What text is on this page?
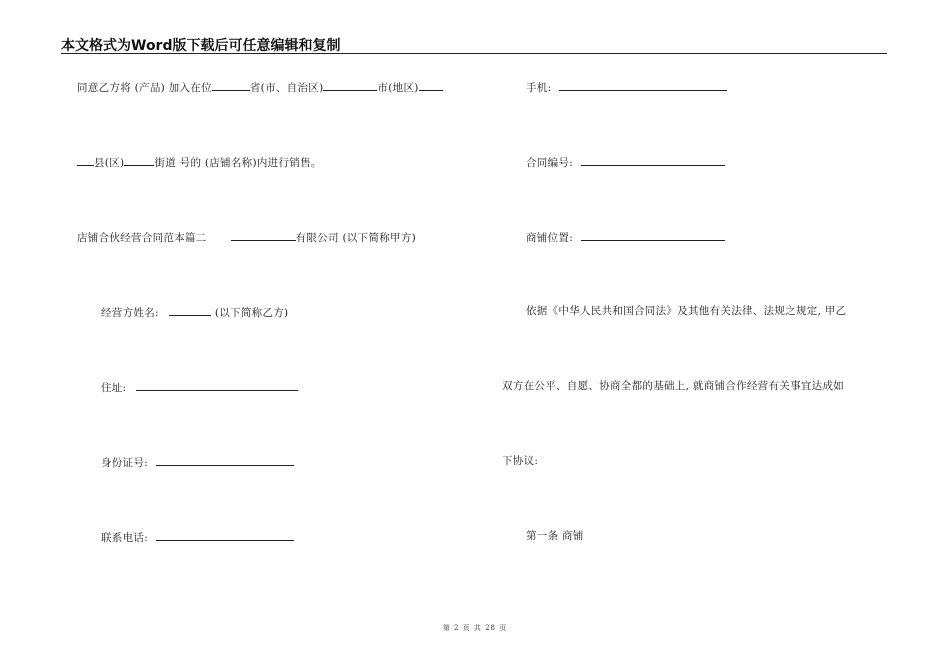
本文格式为Word版下载后可任意编辑和复制
同意乙方将 (产品) 加入在位	省(市、自治区)	市(地区)
县(区)	街道 号的 (店铺名称)内进行销售。
店铺合伙经营合同范本篇二	有限公司 (以下简称甲方)
经营方姓名:	(以下简称乙方)
住址:
身份证号:
联系电话:
手机:
合同编号:
商铺位置:
依据《中华人民共和国合同法》及其他有关法律、法规之规定, 甲乙
双方在公平、自愿、协商全都的基础上, 就商铺合作经营有关事宜达成如
下协议:
第一条 商铺
第 2 页 共 28 页
